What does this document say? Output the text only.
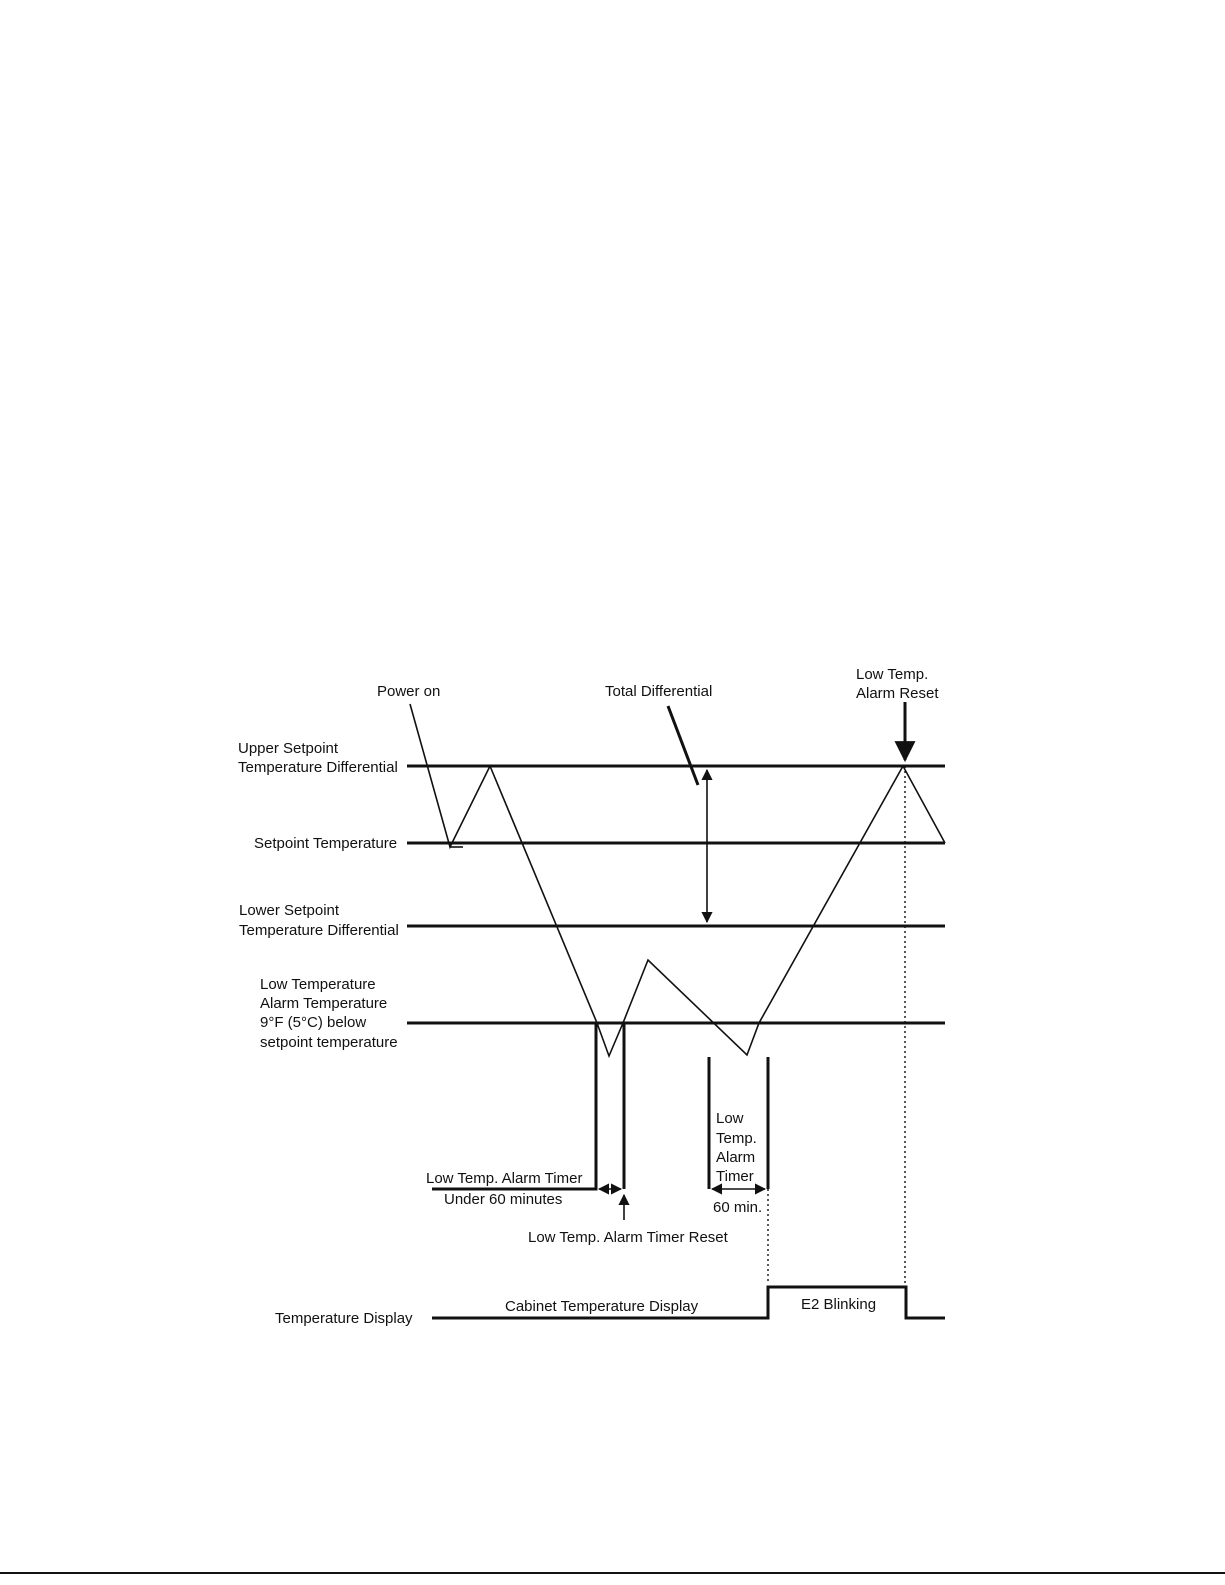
Upper Setpoint
Temperature Differential
Setpoint Temperature
Lower Setpoint
Temperature Differential
Low Temperature
Alarm Temperature
9°F (5°C) below
setpoint temperature
Power on	Total Differential
Low Temp.
Alarm Reset
Low Temp. Alarm Timer
Under 60 minutes
Low Temp. Alarm Timer Reset
Low
Temp.
Alarm
Timer
60 min.
Temperature Display
Cabinet Temperature Display	E2 Blinking
